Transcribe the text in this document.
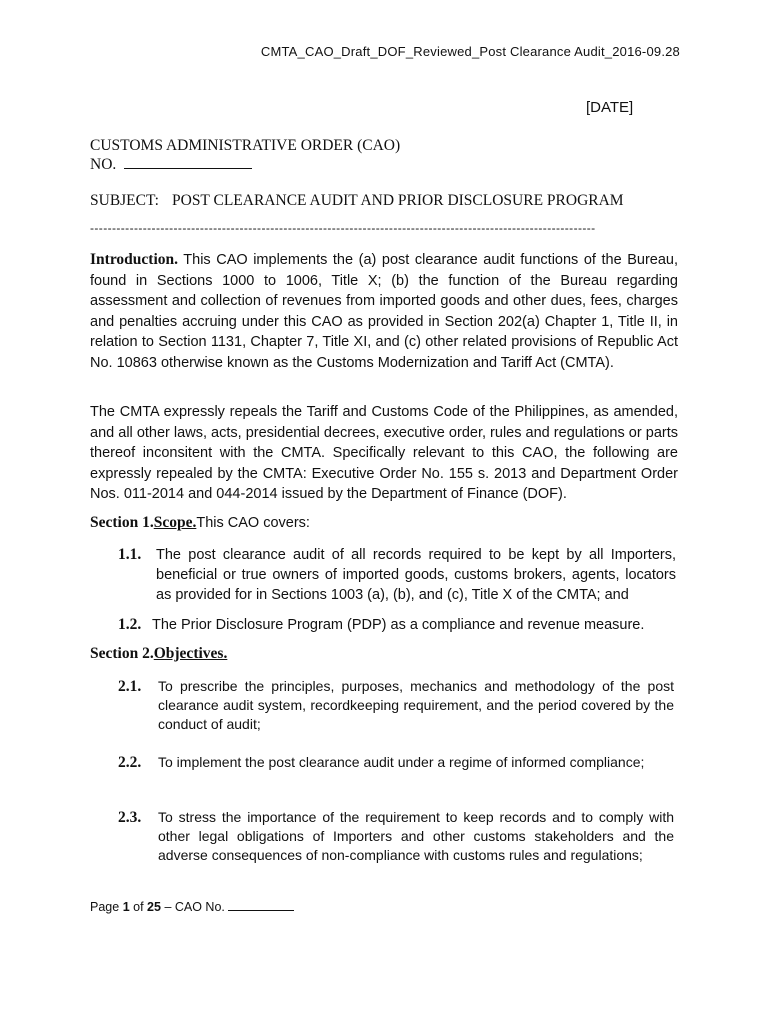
CMTA_CAO_Draft_DOF_Reviewed_Post Clearance Audit_2016-09.28
[DATE]
CUSTOMS ADMINISTRATIVE ORDER (CAO)
NO.
SUBJECT: POST CLEARANCE AUDIT AND PRIOR DISCLOSURE PROGRAM
-------------------------------------------------------------------------------------------------------------------

Introduction. This CAO implements the (a) post clearance audit functions of the Bureau, found in Sections 1000 to 1006, Title X; (b) the function of the Bureau regarding assessment and collection of revenues from imported goods and other dues, fees, charges and penalties accruing under this CAO as provided in Section 202(a) Chapter 1, Title II, in relation to Section 1131, Chapter 7, Title XI, and (c) other related provisions of Republic Act No. 10863 otherwise known as the Customs Modernization and Tariff Act (CMTA).

The CMTA expressly repeals the Tariff and Customs Code of the Philippines, as amended, and all other laws, acts, presidential decrees, executive order, rules and regulations or parts thereof inconsitent with the CMTA. Specifically relevant to this CAO, the following are expressly repealed by the CMTA: Executive Order No. 155 s. 2013 and Department Order Nos. 011-2014 and 044-2014 issued by the Department of Finance (DOF).

Section 1.Scope.This CAO covers:
1.1. The post clearance audit of all records required to be kept by all Importers, beneficial or true owners of imported goods, customs brokers, agents, locators as provided for in Sections 1003 (a), (b), and (c), Title X of the CMTA; and
1.2. The Prior Disclosure Program (PDP) as a compliance and revenue measure.
Section 2.Objectives.
2.1. To prescribe the principles, purposes, mechanics and methodology of the post clearance audit system, recordkeeping requirement, and the period covered by the conduct of audit;
2.2. To implement the post clearance audit under a regime of informed compliance;
2.3. To stress the importance of the requirement to keep records and to comply with other legal obligations of Importers and other customs stakeholders and the adverse consequences of non-compliance with customs rules and regulations;
Page 1 of 25 – CAO No.
